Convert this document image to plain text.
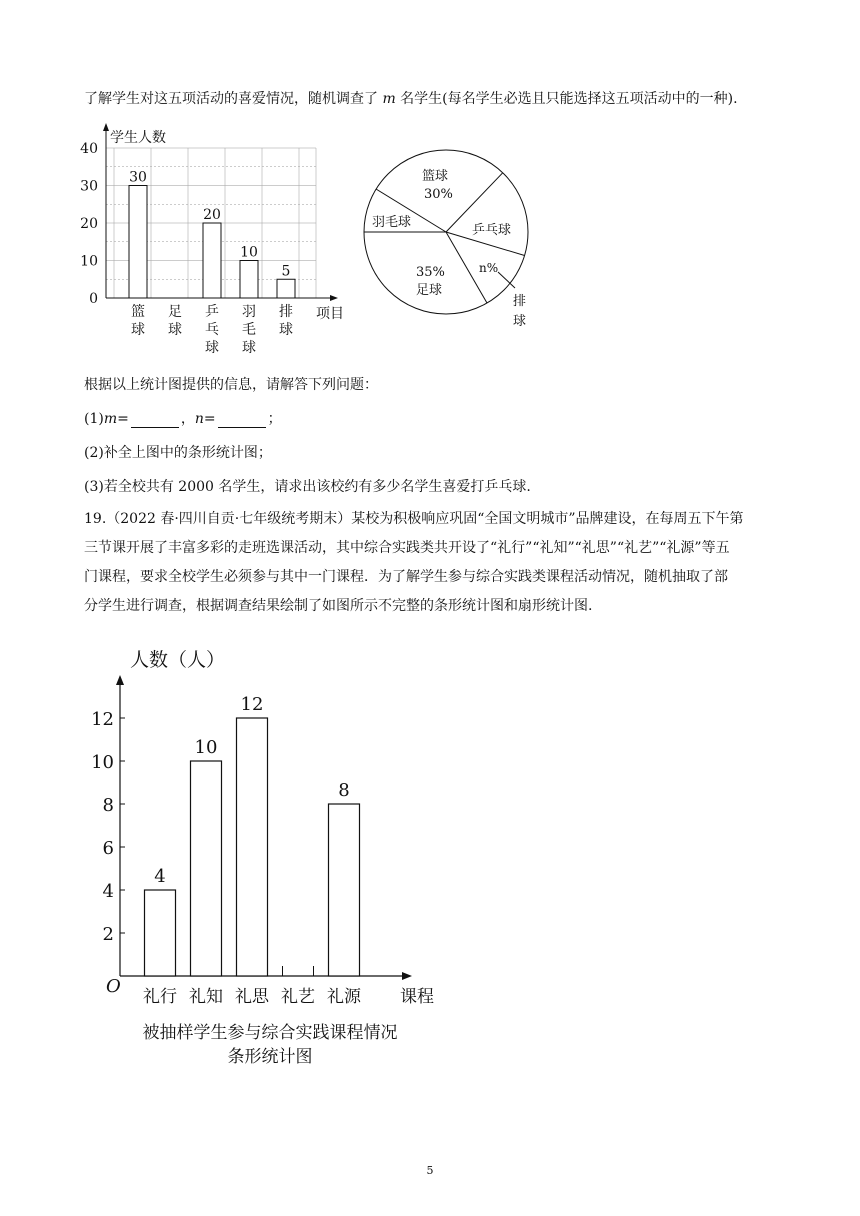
了解学生对这五项活动的喜爱情况，随机调查了 m 名学生(每名学生必选且只能选择这五项活动中的一种).
学生人数
项目
0
10
20
30
40
30
20
10
5
篮球
足球
乒乓球
羽毛球
排球
篮球
30%
乒乓球
n%
35%
足球
羽毛球
排
球
根据以上统计图提供的信息，请解答下列问题：
(1)m=	，n=	；
(2)补全上图中的条形统计图；
(3)若全校共有 2000 名学生，请求出该校约有多少名学生喜爱打乒乓球.
19.（2022 春·四川自贡·七年级统考期末）某校为积极响应巩固“全国文明城市”品牌建设，在每周五下午第
三节课开展了丰富多彩的走班选课活动，其中综合实践类共开设了“礼行”“礼知”“礼思”“礼艺”“礼源”等五
门课程，要求全校学生必须参与其中一门课程．为了解学生参与综合实践类课程活动情况，随机抽取了部
分学生进行调查，根据调查结果绘制了如图所示不完整的条形统计图和扇形统计图.
人数（人）
O	课程
2
4
6
8
10
12
4
10
12
8
礼行 礼知 礼思 礼艺 礼源
被抽样学生参与综合实践课程情况
条形统计图
5
